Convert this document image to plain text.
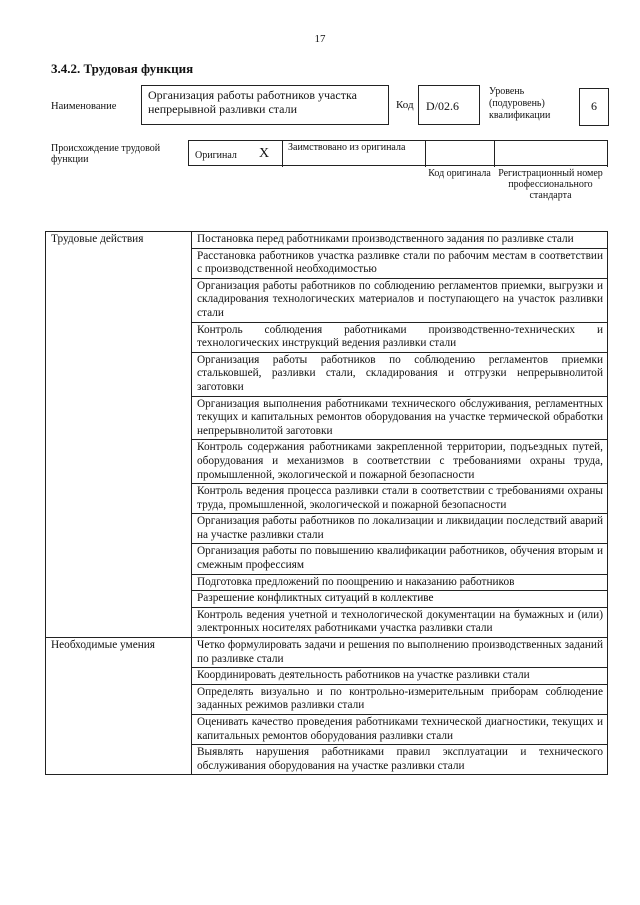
17
3.4.2. Трудовая функция
Наименование
Организация работы работников участка непрерывной разливки стали	Код	D/02.6
Уровень (подуровень) квалификации
6
Происхождение трудовой функции	Оригинал X Заимствовано из оригинала
Код оригинала Регистрационный номер профессионального стандарта
Трудовые действия	Постановка перед работниками производственного задания по разливке стали
	Расстановка работников участка разливке стали по рабочим местам в соответствии с производственной необходимостью
	Организация работы работников по соблюдению регламентов приемки, выгрузки и складирования технологических материалов и поступающего на участок разливки стали
	Контроль соблюдения работниками производственно-технических и технологических инструкций ведения разливки стали
	Организация работы работников по соблюдению регламентов приемки стальковшей, разливки стали, складирования и отгрузки непрерывнолитой заготовки
	Организация выполнения работниками технического обслуживания, регламентных текущих и капитальных ремонтов оборудования на участке термической обработки непрерывнолитой заготовки
	Контроль содержания работниками закрепленной территории, подъездных путей, оборудования и механизмов в соответствии с требованиями охраны труда, промышленной, экологической и пожарной безопасности
	Контроль ведения процесса разливки стали в соответствии с требованиями охраны труда, промышленной, экологической и пожарной безопасности
	Организация работы работников по локализации и ликвидации последствий аварий на участке разливки стали
	Организация работы по повышению квалификации работников, обучения вторым и смежным профессиям
	Подготовка предложений по поощрению и наказанию работников
	Разрешение конфликтных ситуаций в коллективе
	Контроль ведения учетной и технологической документации на бумажных и (или) электронных носителях работниками участка разливки стали
Необходимые умения	Четко формулировать задачи и решения по выполнению производственных заданий по разливке стали
	Координировать деятельность работников на участке разливки стали
	Определять визуально и по контрольно-измерительным приборам соблюдение заданных режимов разливки стали
	Оценивать качество проведения работниками технической диагностики, текущих и капитальных ремонтов оборудования разливки стали
	Выявлять нарушения работниками правил эксплуатации и технического обслуживания оборудования на участке разливки стали
